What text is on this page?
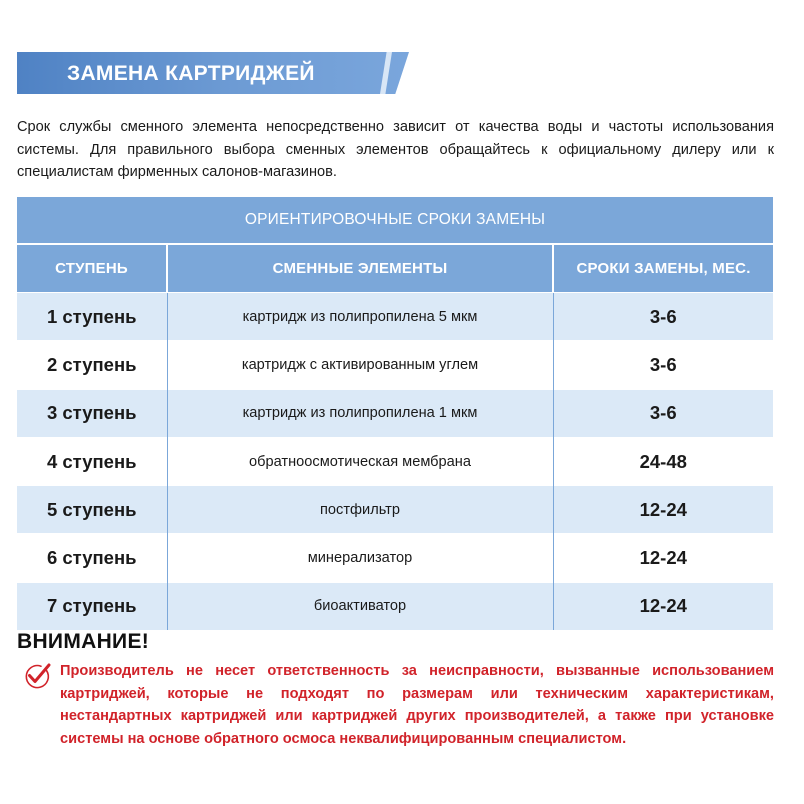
ЗАМЕНА КАРТРИДЖЕЙ

Срок службы сменного элемента непосредственно зависит от качества воды и частоты использования системы. Для правильного выбора сменных элементов обращайтесь к официальному дилеру или к специалистам фирменных салонов-магазинов.

ОРИЕНТИРОВОЧНЫЕ СРОКИ ЗАМЕНЫ		
СТУПЕНЬ	СМЕННЫЕ ЭЛЕМЕНТЫ	СРОКИ ЗАМЕНЫ, МЕС.
1 ступень	картридж из полипропилена 5 мкм	3-6
2 ступень	картридж с активированным углем	3-6
3 ступень	картридж из полипропилена 1 мкм	3-6
4 ступень	обратноосмотическая мембрана	24-48
5 ступень	постфильтр	12-24
6 ступень	минерализатор	12-24
7 ступень	биоактиватор	12-24
ВНИМАНИЕ!

Производитель не несет ответственность за неисправности, вызванные использованием картриджей, которые не подходят по размерам или техническим характеристикам, нестандартных картриджей или картриджей других производителей, а также при установке системы на основе обратного осмоса неквалифицированным специалистом.
